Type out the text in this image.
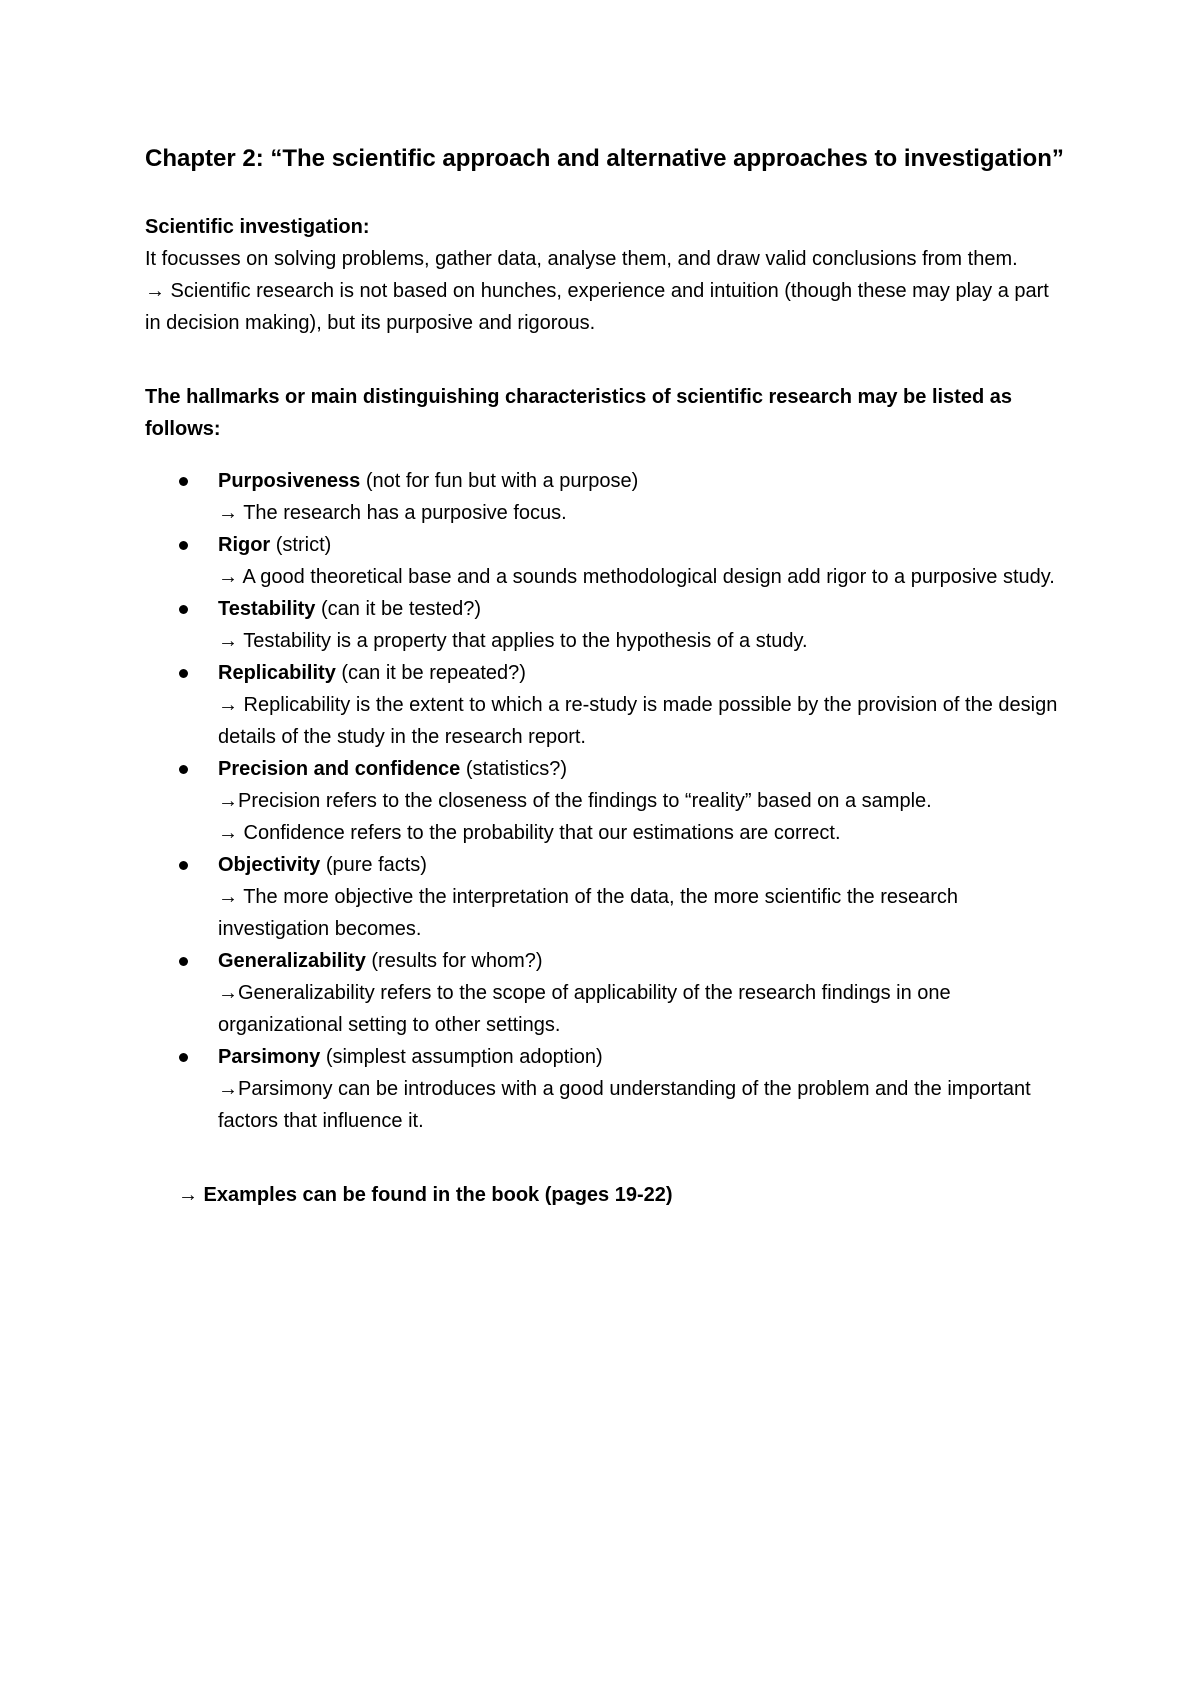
Chapter 2: “The scientific approach and alternative approaches to investigation”
Scientific investigation:
It focusses on solving problems, gather data, analyse them, and draw valid conclusions from them.
→ Scientific research is not based on hunches, experience and intuition (though these may play a part in decision making), but its purposive and rigorous.
The hallmarks or main distinguishing characteristics of scientific research may be listed as follows:
Purposiveness (not for fun but with a purpose)
→ The research has a purposive focus.
Rigor (strict)
→ A good theoretical base and a sounds methodological design add rigor to a purposive study.
Testability (can it be tested?)
→ Testability is a property that applies to the hypothesis of a study.
Replicability (can it be repeated?)
→ Replicability is the extent to which a re-study is made possible by the provision of the design details of the study in the research report.
Precision and confidence (statistics?)
→Precision refers to the closeness of the findings to “reality” based on a sample.
→ Confidence refers to the probability that our estimations are correct.
Objectivity (pure facts)
→ The more objective the interpretation of the data, the more scientific the research investigation becomes.
Generalizability (results for whom?)
→Generalizability refers to the scope of applicability of the research findings in one organizational setting to other settings.
Parsimony (simplest assumption adoption)
→Parsimony can be introduces with a good understanding of the problem and the important factors that influence it.
→ Examples can be found in the book (pages 19-22)
